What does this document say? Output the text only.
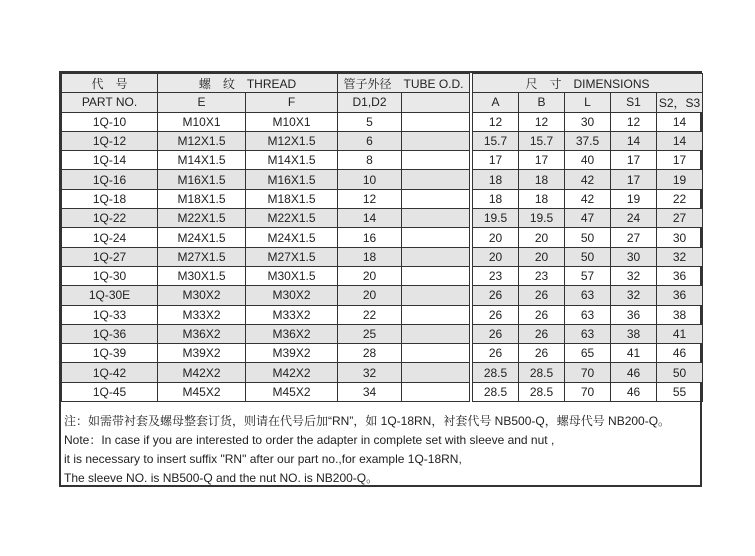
代　号	螺　纹　THREAD		管子外径　TUBE O.D.			尺　寸　DIMENSIONS				
PART NO.	E	F	D1,D2			A	B	L	S1	S2，S3
1Q-10	M10X1	M10X1	5			12	12	30	12	14
1Q-12	M12X1.5	M12X1.5	6			15.7	15.7	37.5	14	14
1Q-14	M14X1.5	M14X1.5	8			17	17	40	17	17
1Q-16	M16X1.5	M16X1.5	10			18	18	42	17	19
1Q-18	M18X1.5	M18X1.5	12			18	18	42	19	22
1Q-22	M22X1.5	M22X1.5	14			19.5	19.5	47	24	27
1Q-24	M24X1.5	M24X1.5	16			20	20	50	27	30
1Q-27	M27X1.5	M27X1.5	18			20	20	50	30	32
1Q-30	M30X1.5	M30X1.5	20			23	23	57	32	36
1Q-30E	M30X2	M30X2	20			26	26	63	32	36
1Q-33	M33X2	M33X2	22			26	26	63	36	38
1Q-36	M36X2	M36X2	25			26	26	63	38	41
1Q-39	M39X2	M39X2	28			26	26	65	41	46
1Q-42	M42X2	M42X2	32			28.5	28.5	70	46	50
1Q-45	M45X2	M45X2	34			28.5	28.5	70	46	55
注：如需带衬套及螺母整套订货，则请在代号后加“RN”，如 1Q-18RN，衬套代号 NB500-Q，螺母代号 NB200-Q。
Note：In case if you are interested to order the adapter in complete set with sleeve and nut ,
it is necessary to insert suffix "RN" after our part no.,for example 1Q-18RN,
The sleeve NO. is NB500-Q and the nut NO. is NB200-Q。
